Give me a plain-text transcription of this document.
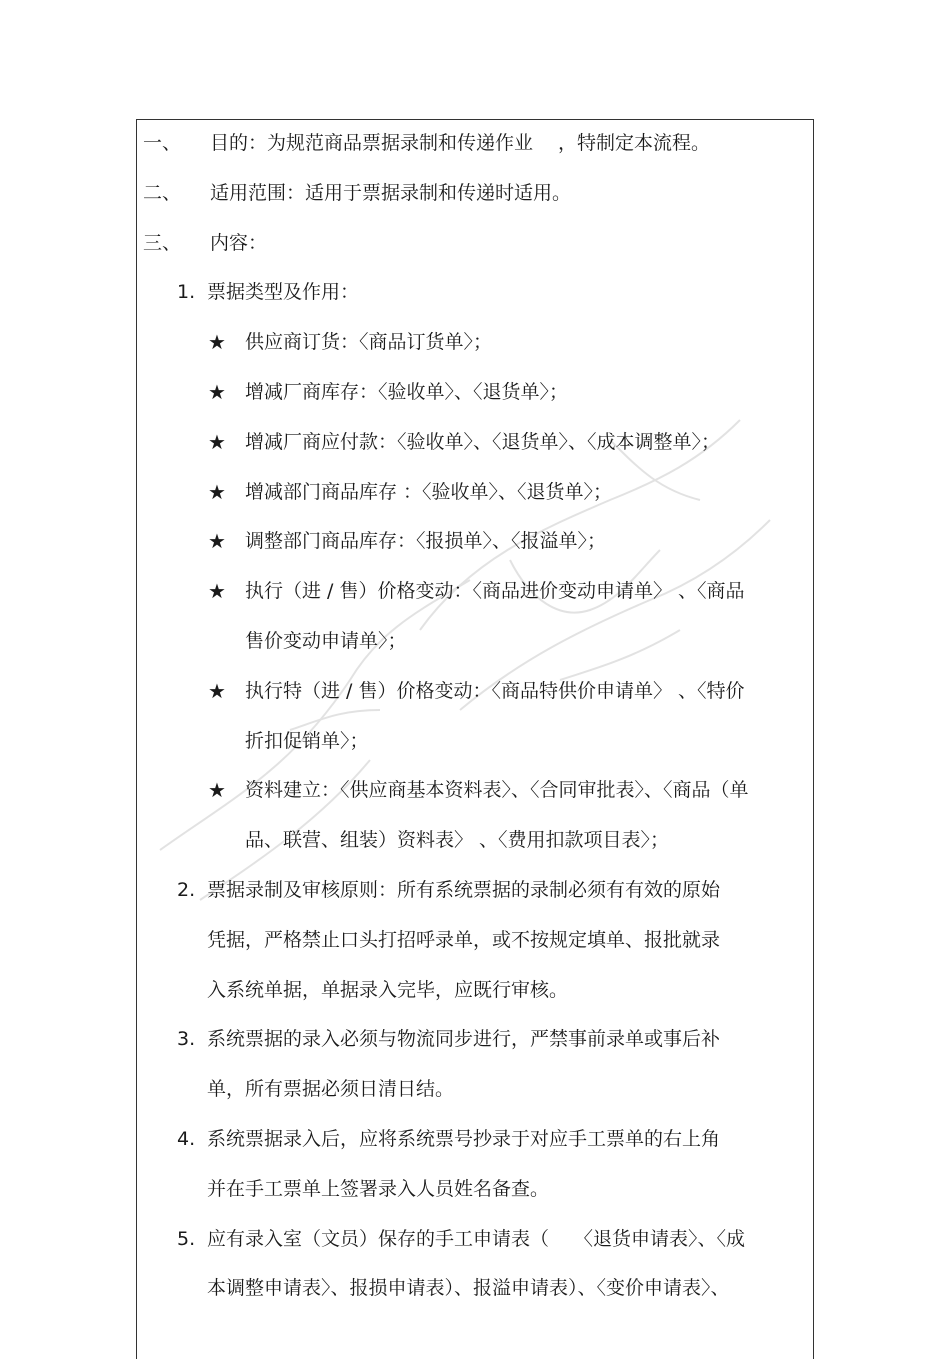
一、 目的：为规范商品票据录制和传递作业　 ，特制定本流程。
二、 适用范围：适用于票据录制和传递时适用。
三、 内容：
1. 票据类型及作用：
★ 供应商订货：〈商品订货单〉；
★ 增减厂商库存：〈验收单〉、〈退货单〉；
★ 增减厂商应付款：〈验收单〉、〈退货单〉、〈成本调整单〉；
★ 增减部门商品库存 ：〈验收单〉、〈退货单〉；
★ 调整部门商品库存：〈报损单〉、〈报溢单〉；
★ 执行（进 / 售）价格变动：〈商品进价变动申请单〉 、〈商品
售价变动申请单〉；
★ 执行特（进 / 售）价格变动：〈商品特供价申请单〉 、〈特价
折扣促销单〉；
★ 资料建立：〈供应商基本资料表〉、〈合同审批表〉、〈商品（单
品、联营、组装）资料表〉 、〈费用扣款项目表〉；
2. 票据录制及审核原则：所有系统票据的录制必须有有效的原始
凭据，严格禁止口头打招呼录单，或不按规定填单、报批就录
入系统单据，单据录入完毕，应既行审核。
3. 系统票据的录入必须与物流同步进行，严禁事前录单或事后补
单，所有票据必须日清日结。
4. 系统票据录入后，应将系统票号抄录于对应手工票单的右上角
并在手工票单上签署录入人员姓名备查。
5. 应有录入室（文员）保存的手工申请表（　 〈退货申请表〉、〈成
本调整申请表〉、报损申请表）、报溢申请表）、〈变价申请表〉、
